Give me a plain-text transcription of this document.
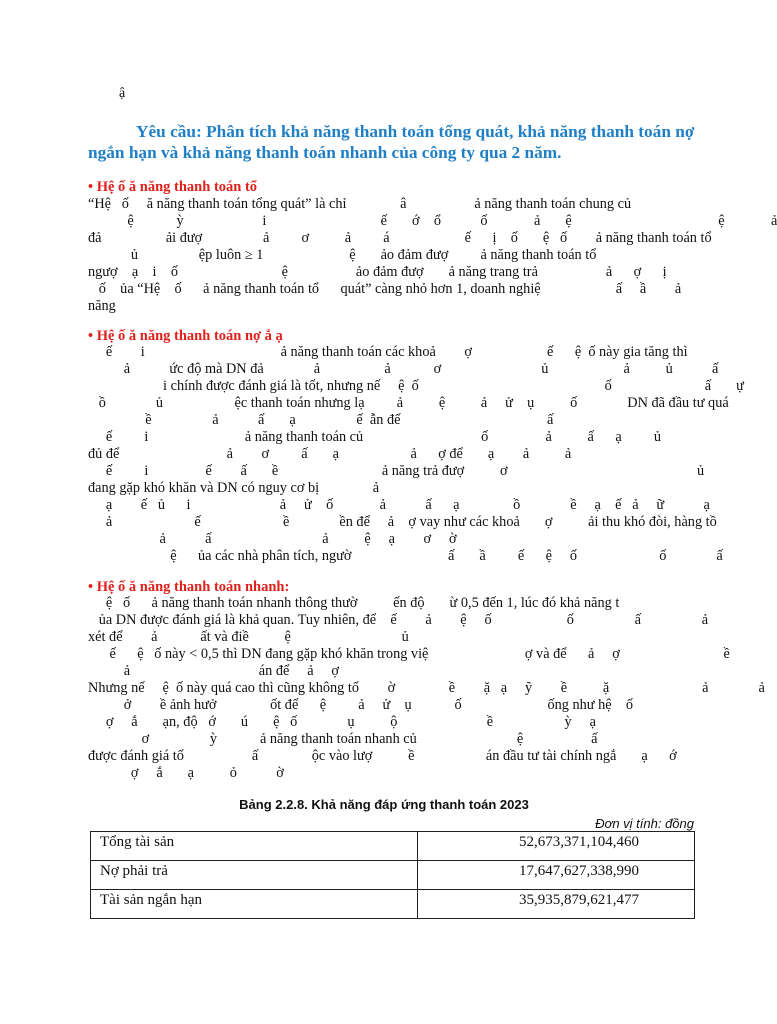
ậ

Yêu cầu: Phân tích khả năng thanh toán tổng quát, khả năng thanh toán nợ ngắn hạn và khả năng thanh toán nhanh của công ty qua 2 năm.

• Hệ ố ă năng thanh toán tổ

“Hệ   ố     ă năng thanh toán tổng quát” là chỉ               â                   ả năng thanh toán chung củ
ệ            ỳ                      i                                ế       ớ    ổ           ố             ả       ệ                                         ệ             ả
đả                  ải đượ                 ả         ơ          ả         á                     ế      ị    ố       ệ   ố        ả năng thanh toán tổ
ủ                 ệp luôn ≥ 1                        ệ       ảo đảm đượ         ả năng thanh toán tổ
ngượ    ạ    i    ố                             ệ                   ảo đảm đượ       ả năng trang trả                   ả      ợ      ị
ố    ủa “Hệ    ố      ả năng thanh toán tổ      quát” càng nhỏ hơn 1, doanh nghiệ                     ấ     ầ        ả
năng

• Hệ ố ă năng thanh toán nợ ắ ạ

ế        i                                      ả năng thanh toán các khoả        ợ                     ế      ệ  ố này gia tăng thì
ả           ức độ mà DN đả              ả                  ả            ơ                            ủ                     ả          ủ           ấ
i chính được đánh giá là tốt, nhưng nế     ệ  ố                                                    ố                          ấ       ự
ồ              ủ                    ệc thanh toán nhưng lạ         ả          ệ          ả     ử    ụ          ố              DN đã đầu tư quá
ề                 ả           ấ       ạ                 ế  ẫn đế                                         ấ
ế         i                           ả năng thanh toán củ                                 ố                ả          ấ      ạ         ủ
đủ để                              ả        ơ         ấ       ạ                    ả      ợ để       ạ        ả          ả
ế         i                ế        ấ       ề                             ả năng trả đượ          ơ                                                     ủ
đang gặp khó khăn và DN có nguy cơ bị               ả
ạ        ế   ủ      i                         ả     ử    ố             ả           ấ      ạ               ồ              ề     ạ    ế   ả     ữ           ạ
ả                       ế                       ề              ền để     ả    ợ vay như các khoả       ợ          ải thu khó đòi, hàng tồ
ả           ấ                               ả          ệ     ạ        ơ     ờ
ệ      ủa các nhà phân tích, ngườ                           ấ       ầ         ế      ệ     ố                       ố              ấ

• Hệ ố ă năng thanh toán nhanh:

ệ   ố      ả năng thanh toán nhanh thông thườ          ến độ       ừ 0,5 đến 1, lúc đó khả năng t
ủa DN được đánh giá là khả quan. Tuy nhiên, để    ế        ả        ệ     ố                     ố                 ấ                 ả
xét để        ả            ất và điề          ệ                               ủ
ế      ệ   ố này < 0,5 thì DN đang gặp khó khăn trong việ                           ợ và để      ả     ợ                             ề
ả                                    án để     ả     ợ
Nhưng nế     ệ  ố này quá cao thì cũng không tố        ờ               ề        ặ   ạ     ỹ        ề          ặ                          ả              ả
ở        ề ảnh hưở               ốt để      ệ         ả     ử    ụ            ố                        ống như hệ    ố
ợ     ắ       ạn, độ   ớ       ú       ệ   ố              ụ          ộ                         ề                    ỳ     ạ
ơ                 ỳ            ả năng thanh toán nhanh củ                            ệ                   ấ
được đánh giá tố                   ấ               ộc vào lượ          ề                    án đầu tư tài chính ngắ       ạ      ớ
ợ     ắ       ạ          ỏ           ờ

Bảng 2.2.8. Khả năng đáp ứng thanh toán 2023

Đơn vị tính: đồng
Tổng tài sản	52,673,371,104,460
Nợ phải trả	17,647,627,338,990
Tài sản ngắn hạn	35,935,879,621,477
